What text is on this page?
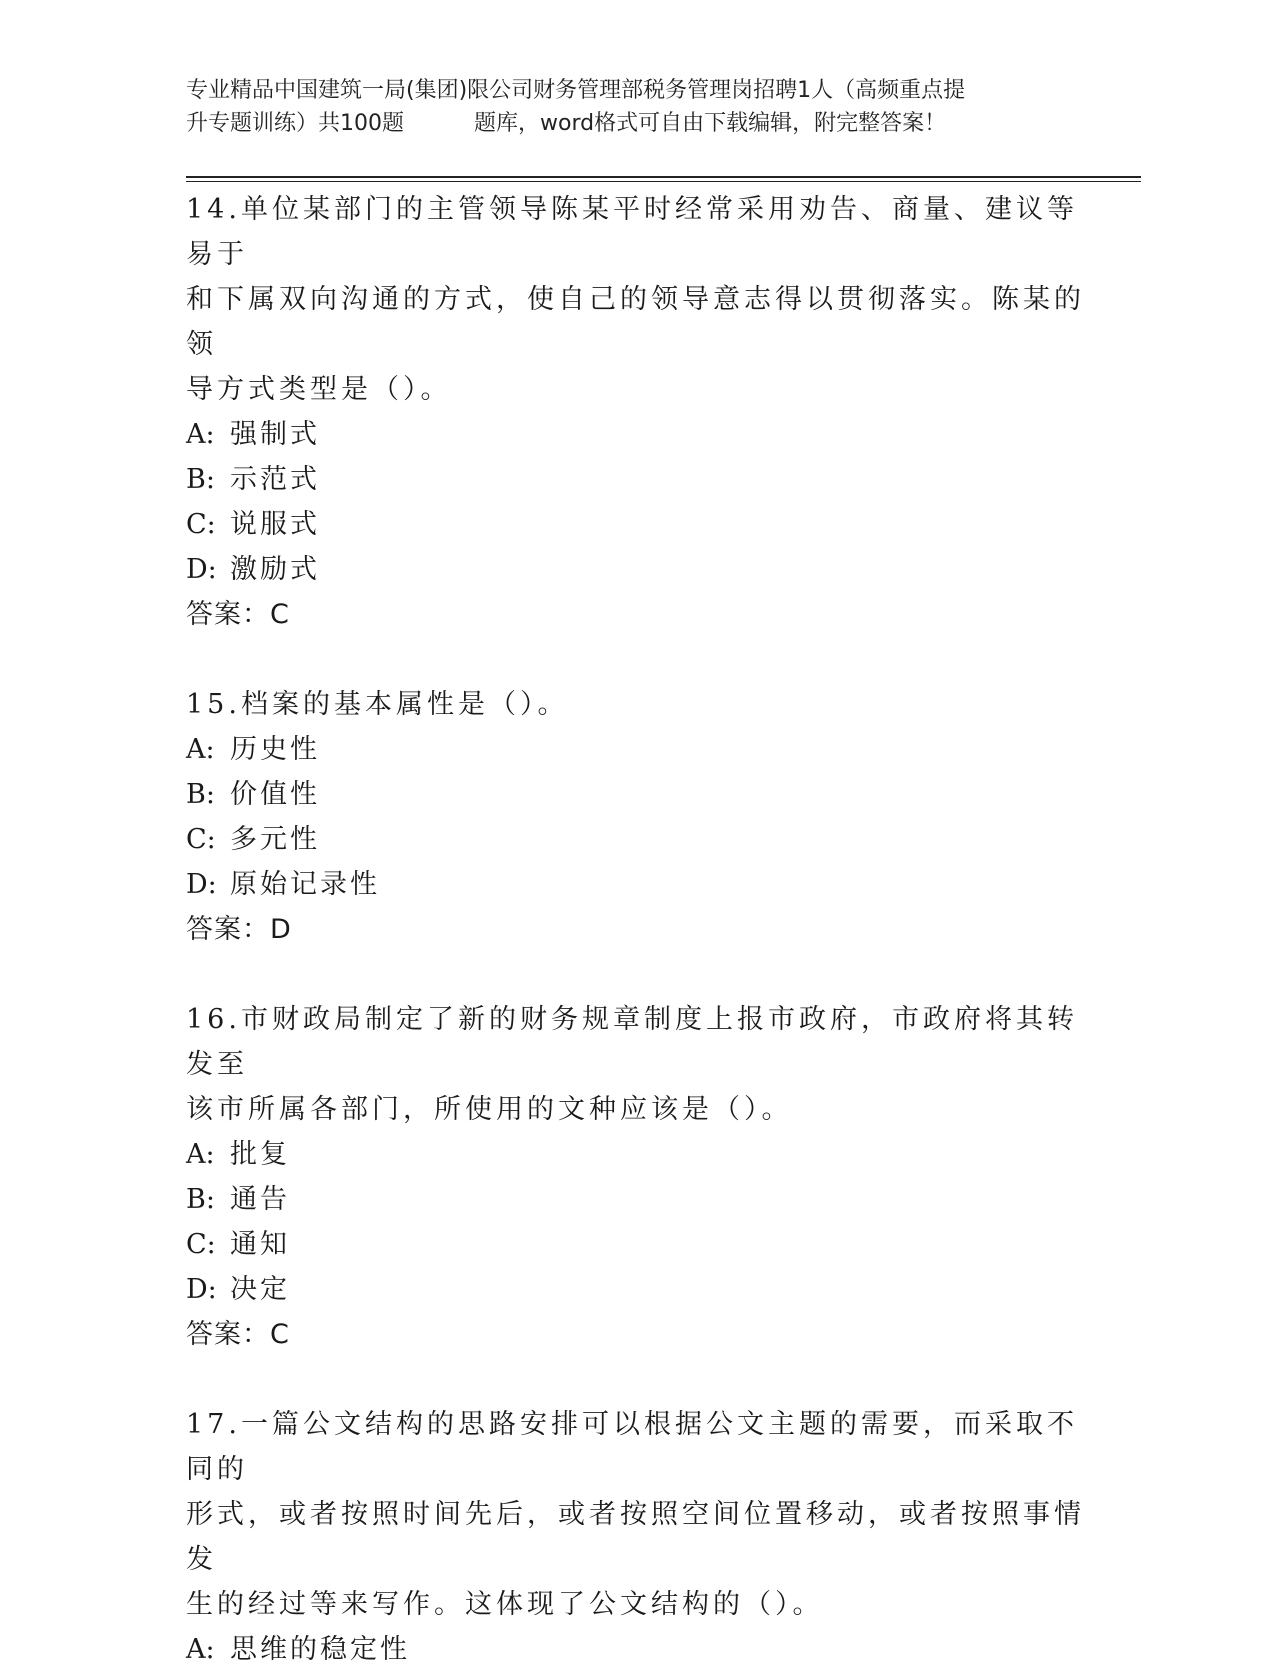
专业精品中国建筑一局(集团)限公司财务管理部税务管理岗招聘1人（高频重点提
升专题训练）共100题	题库，word格式可自由下载编辑，附完整答案！

14.单位某部门的主管领导陈某平时经常采用劝告、商量、建议等易于

和下属双向沟通的方式，使自己的领导意志得以贯彻落实。陈某的领

导方式类型是（）。

A: 强制式

B: 示范式

C: 说服式

D: 激励式

答案：C

15.档案的基本属性是（）。

A: 历史性

B: 价值性

C: 多元性

D: 原始记录性

答案：D

16.市财政局制定了新的财务规章制度上报市政府，市政府将其转发至

该市所属各部门，所使用的文种应该是（）。

A: 批复

B: 通告

C: 通知

D: 决定

答案：C

17.一篇公文结构的思路安排可以根据公文主题的需要，而采取不同的

形式，或者按照时间先后，或者按照空间位置移动，或者按照事情发

生的经过等来写作。这体现了公文结构的（）。

A: 思维的稳定性
